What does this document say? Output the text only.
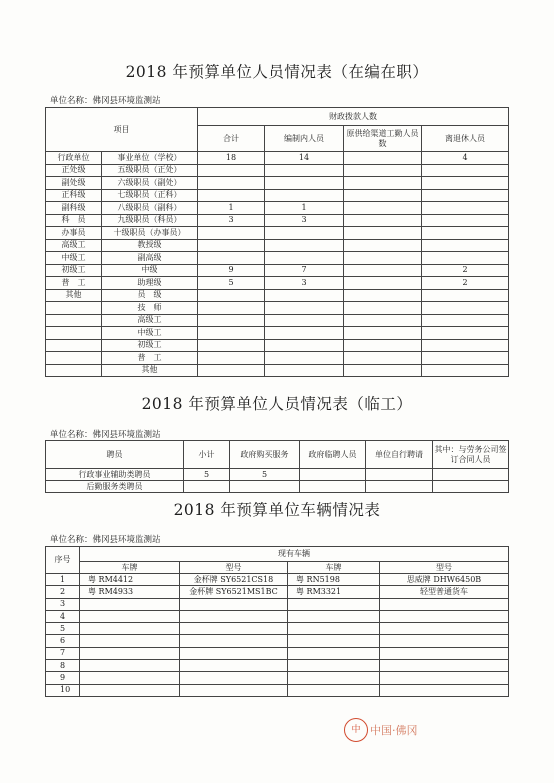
2018 年预算单位人员情况表（在编在职）
单位名称：佛冈县环境监测站
项目		财政拨款人数			
		合计	编制内人员	原供给渠道工勤人员数	离退休人员
行政单位	事业单位（学校）	18	14		4
正处级	五级职员（正处）				
副处级	六级职员（副处）				
正科级	七级职员（正科）				
副科级	八级职员（副科）	1	1		
科　员	九级职员（科员）	3	3		
办事员	十级职员（办事员）				
高级工	教授级				
中级工	副高级				
初级工	中级	9	7		2
普　工	助理级	5	3		2
其他	员　级				
	技　师				
	高级工				
	中级工				
	初级工				
	普　工				
	其他				
2018 年预算单位人员情况表（临工）
单位名称：佛冈县环境监测站
聘员	小计	政府购买服务	政府临聘人员	单位自行聘请	其中：与劳务公司签订合同人员
行政事业辅助类聘员	5	5			
后勤服务类聘员					
2018 年预算单位车辆情况表
单位名称：佛冈县环境监测站
序号	现有车辆			
	车牌	型号	车牌	型号
1	粤 RM4412	金杯牌 SY6521CS18	粤 RN5198	思威牌 DHW6450B
2	粤 RM4933	金杯牌 SY6521MS1BC	粤 RM3321	轻型普通货车
3				
4				
5				
6				
7				
8				
9				
10				
中 中国·佛冈
